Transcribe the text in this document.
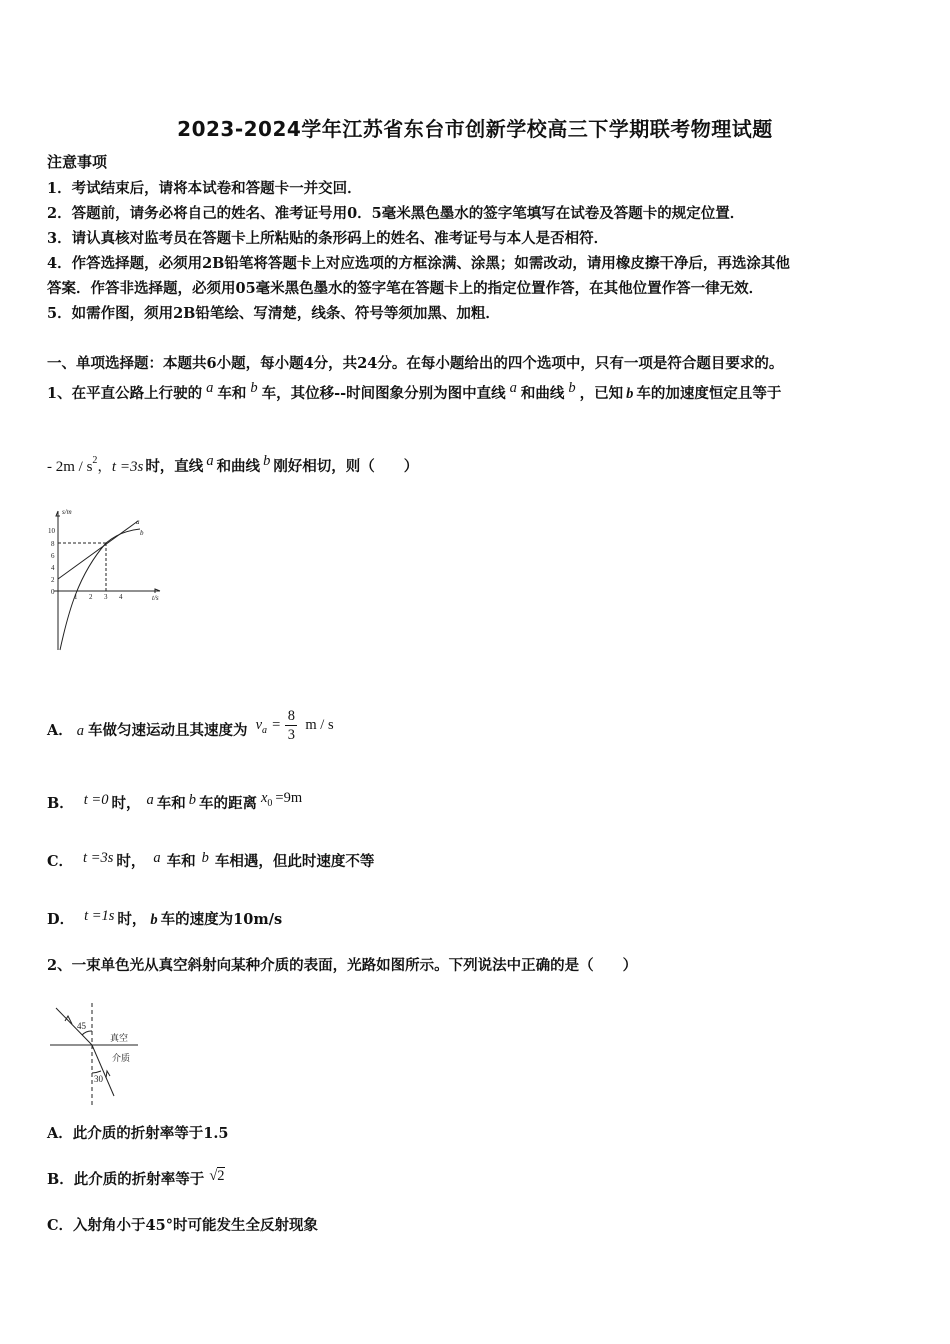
2023-2024学年江苏省东台市创新学校高三下学期联考物理试题
注意事项
1．考试结束后，请将本试卷和答题卡一并交回．
2．答题前，请务必将自己的姓名、准考证号用0．5毫米黑色墨水的签字笔填写在试卷及答题卡的规定位置．
3．请认真核对监考员在答题卡上所粘贴的条形码上的姓名、准考证号与本人是否相符．
4．作答选择题，必须用2B铅笔将答题卡上对应选项的方框涂满、涂黑；如需改动，请用橡皮擦干净后，再选涂其他
答案．作答非选择题，必须用05毫米黑色墨水的签字笔在答题卡上的指定位置作答，在其他位置作答一律无效．
5．如需作图，须用2B铅笔绘、写清楚，线条、符号等须加黑、加粗．
一、单项选择题：本题共6小题，每小题4分，共24分。在每小题给出的四个选项中，只有一项是符合题目要求的。
1、在平直公路上行驶的 a 车和 b 车，其位移--时间图象分别为图中直线 a 和曲线 b ，已知 b 车的加速度恒定且等于
- $2m / s^2$，t =3s 时，直线 a 和曲线 b 刚好相切，则（　　）
s/m
t/s
10
8
6
4
2
0
1 2 3 4
a
b
A． a 车做匀速运动且其速度为 va = $\frac{8}{3}$ m / s
B． t =0 时， a 车和 b 车的距离 x0 =9m
C． t =3s 时， a 车和 b 车相遇，但此时速度不等
D． t =1s 时， b 车的速度为10m/s
2、一束单色光从真空斜射向某种介质的表面，光路如图所示。下列说法中正确的是（　　）
45
30
真空
介质
A．此介质的折射率等于1.5
B．此介质的折射率等于 √2
C．入射角小于45°时可能发生全反射现象
